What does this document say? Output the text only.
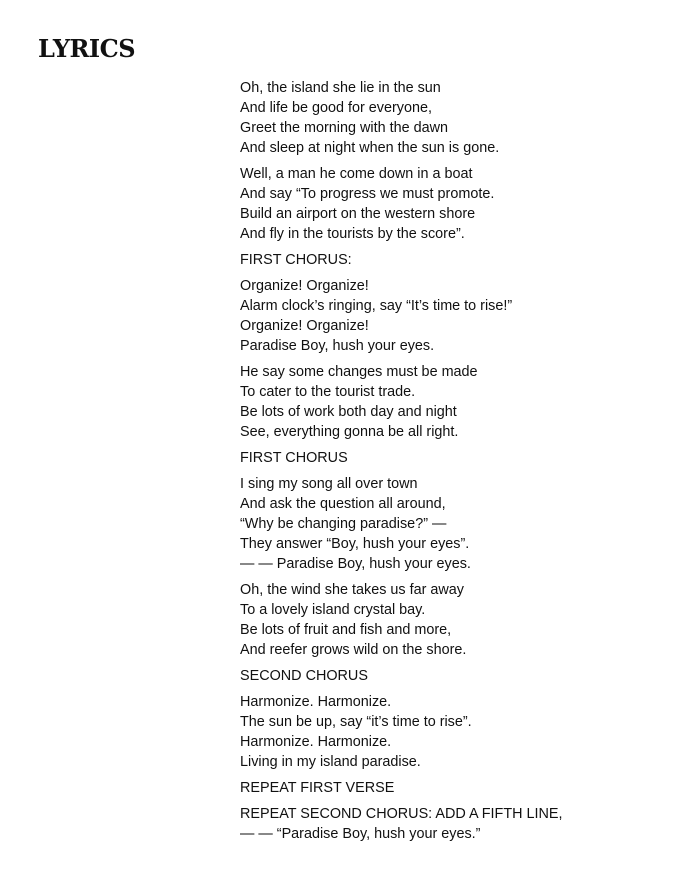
LYRICS
Oh, the island she lie in the sun
And life be good for everyone,
Greet the morning with the dawn
And sleep at night when the sun is gone.
Well, a man he come down in a boat
And say “To progress we must promote.
Build an airport on the western shore
And fly in the tourists by the score”.
FIRST CHORUS:
Organize! Organize!
Alarm clock’s ringing, say “It’s time to rise!”
Organize! Organize!
Paradise Boy, hush your eyes.
He say some changes must be made
To cater to the tourist trade.
Be lots of work both day and night
See, everything gonna be all right.
FIRST CHORUS
I sing my song all over town
And ask the question all around,
“Why be changing paradise?” —
They answer “Boy, hush your eyes”.
— — Paradise Boy, hush your eyes.
Oh, the wind she takes us far away
To a lovely island crystal bay.
Be lots of fruit and fish and more,
And reefer grows wild on the shore.
SECOND CHORUS
Harmonize. Harmonize.
The sun be up, say “it’s time to rise”.
Harmonize. Harmonize.
Living in my island paradise.
REPEAT FIRST VERSE
REPEAT SECOND CHORUS: ADD A FIFTH LINE,
— — “Paradise Boy, hush your eyes.”
